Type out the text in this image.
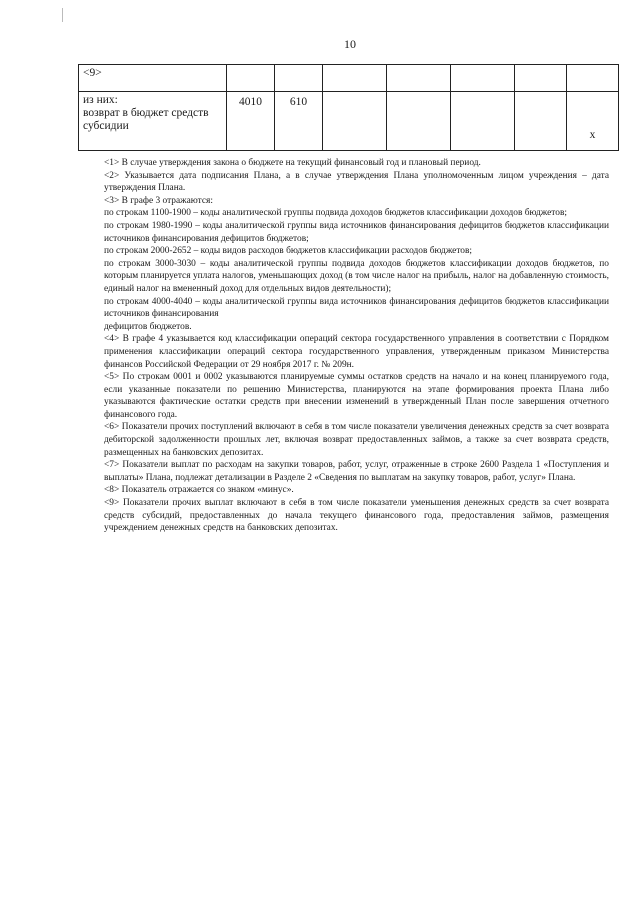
10
<9>							

из них:
возврат в бюджет средств
субсидии	4010	610					x

<1> В случае утверждения закона о бюджете на текущий финансовый год и плановый период.

<2> Указывается дата подписания Плана, а в случае утверждения Плана уполномоченным лицом учреждения – дата утверждения Плана.

<3> В графе 3 отражаются:

по строкам 1100-1900 – коды аналитической группы подвида доходов бюджетов классификации доходов бюджетов;

по строкам 1980-1990 – коды аналитической группы вида источников финансирования дефицитов бюджетов классификации источников финансирования дефицитов бюджетов;

по строкам 2000-2652 – коды видов расходов бюджетов классификации расходов бюджетов;

по строкам 3000-3030 – коды аналитической группы подвида доходов бюджетов классификации доходов бюджетов, по которым планируется уплата налогов, уменьшающих доход (в том числе налог на прибыль, налог на добавленную стоимость, единый налог на вмененный доход для отдельных видов деятельности);

по строкам 4000-4040 – коды аналитической группы вида источников финансирования дефицитов бюджетов классификации источников финансирования

дефицитов бюджетов.

<4> В графе 4 указывается код классификации операций сектора государственного управления в соответствии с Порядком применения классификации операций сектора государственного управления, утвержденным приказом Министерства финансов Российской Федерации от 29 ноября 2017 г. № 209н.

<5> По строкам 0001 и 0002 указываются планируемые суммы остатков средств на начало и на конец планируемого года, если указанные показатели по решению Министерства, планируются на этапе формирования проекта Плана либо указываются фактические остатки средств при внесении изменений в утвержденный План после завершения отчетного финансового года.

<6> Показатели прочих поступлений включают в себя в том числе показатели увеличения денежных средств за счет возврата дебиторской задолженности прошлых лет, включая возврат предоставленных займов, а также за счет возврата средств, размещенных на банковских депозитах.

<7> Показатели выплат по расходам на закупки товаров, работ, услуг, отраженные в строке 2600 Раздела 1 «Поступления и выплаты» Плана, подлежат детализации в Разделе 2 «Сведения по выплатам на закупку товаров, работ, услуг» Плана.

<8> Показатель отражается со знаком «минус».

<9> Показатели прочих выплат включают в себя в том числе показатели уменьшения денежных средств за счет возврата средств субсидий, предоставленных до начала текущего финансового года, предоставления займов, размещения учреждением денежных средств на банковских депозитах.
